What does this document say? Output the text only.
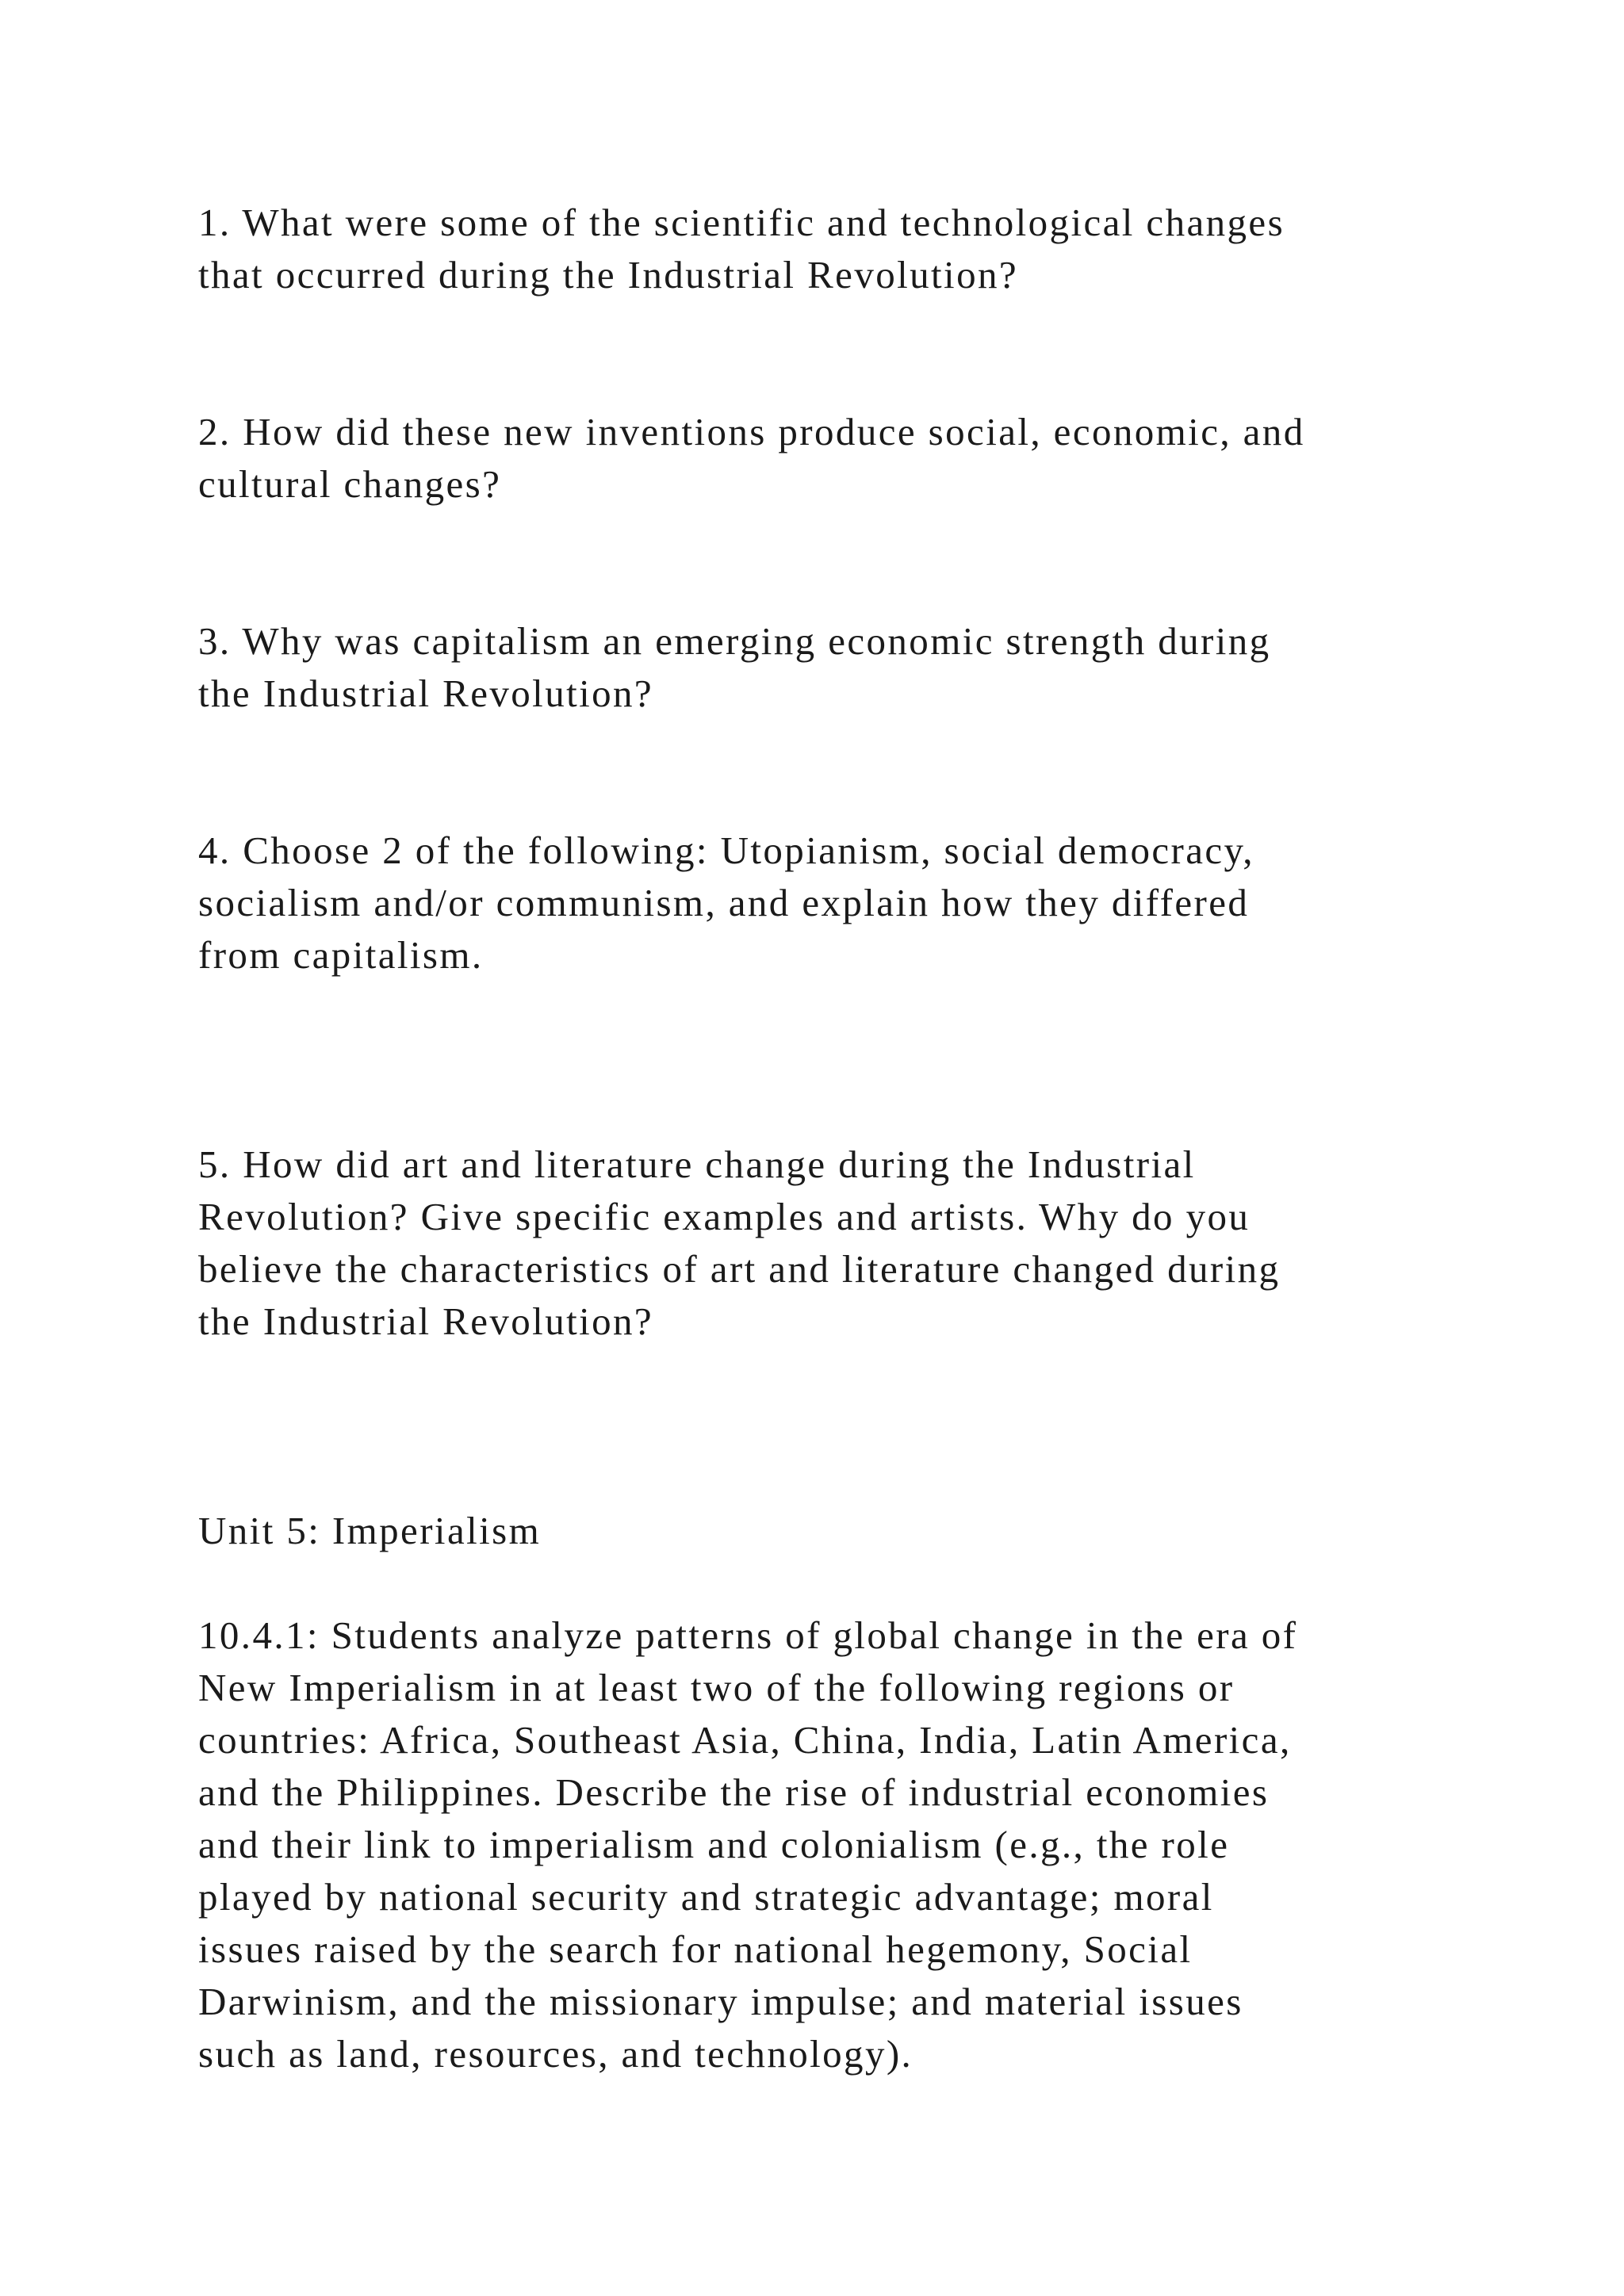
1. What were some of the scientific and technological changes

that occurred during the Industrial Revolution?

2. How did these new inventions produce social, economic, and

cultural changes?

3. Why was capitalism an emerging economic strength during

the Industrial Revolution?

4. Choose 2 of the following: Utopianism, social democracy,

socialism and/or communism, and explain how they differed

from capitalism.

5. How did art and literature change during the Industrial

Revolution? Give specific examples and artists. Why do you

believe the characteristics of art and literature changed during

the Industrial Revolution?

Unit 5: Imperialism

10.4.1: Students analyze patterns of global change in the era of

New Imperialism in at least two of the following regions or

countries: Africa, Southeast Asia, China, India, Latin America,

and the Philippines. Describe the rise of industrial economies

and their link to imperialism and colonialism (e.g., the role

played by national security and strategic advantage; moral

issues raised by the search for national hegemony, Social

Darwinism, and the missionary impulse; and material issues

such as land, resources, and technology).
